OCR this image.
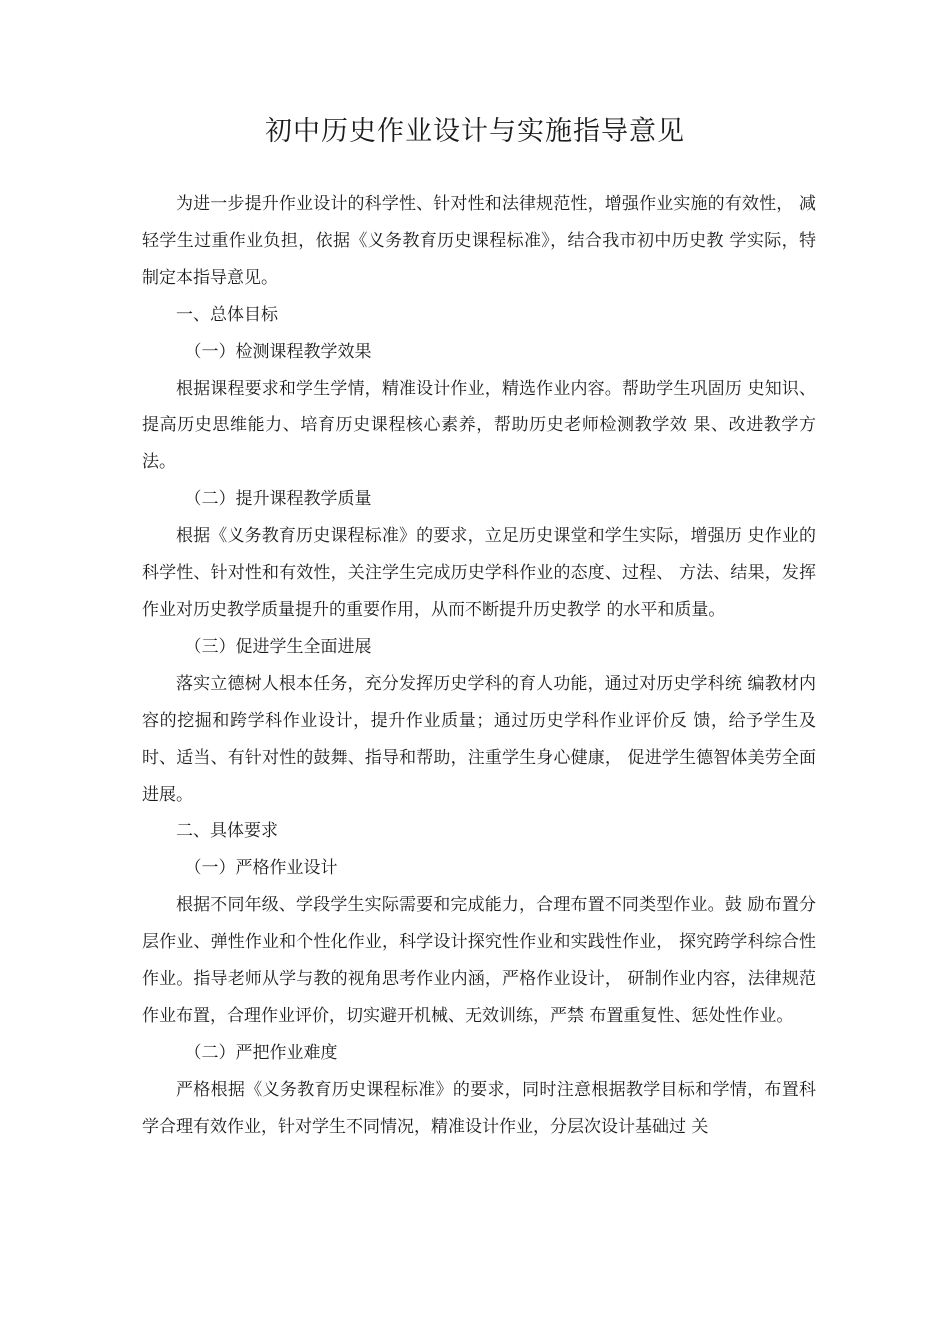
初中历史作业设计与实施指导意见

为进一步提升作业设计的科学性、针对性和法律规范性，增强作业实施的有效性， 减轻学生过重作业负担，依据《义务教育历史课程标准》，结合我市初中历史教 学实际，特制定本指导意见。

一、总体目标

（一）检测课程教学效果

根据课程要求和学生学情，精准设计作业，精选作业内容。帮助学生巩固历 史知识、提高历史思维能力、培育历史课程核心素养，帮助历史老师检测教学效 果、改进教学方法。

（二）提升课程教学质量

根据《义务教育历史课程标准》的要求，立足历史课堂和学生实际，增强历 史作业的科学性、针对性和有效性，关注学生完成历史学科作业的态度、过程、 方法、结果，发挥作业对历史教学质量提升的重要作用，从而不断提升历史教学 的水平和质量。

（三）促进学生全面进展

落实立德树人根本任务，充分发挥历史学科的育人功能，通过对历史学科统 编教材内容的挖掘和跨学科作业设计，提升作业质量；通过历史学科作业评价反 馈，给予学生及时、适当、有针对性的鼓舞、指导和帮助，注重学生身心健康， 促进学生德智体美劳全面进展。

二、具体要求

（一）严格作业设计

根据不同年级、学段学生实际需要和完成能力，合理布置不同类型作业。鼓 励布置分层作业、弹性作业和个性化作业，科学设计探究性作业和实践性作业， 探究跨学科综合性作业。指导老师从学与教的视角思考作业内涵，严格作业设计， 研制作业内容，法律规范作业布置，合理作业评价，切实避开机械、无效训练，严禁 布置重复性、惩处性作业。

（二）严把作业难度

严格根据《义务教育历史课程标准》的要求，同时注意根据教学目标和学情，布置科学合理有效作业，针对学生不同情况，精准设计作业，分层次设计基础过 关
